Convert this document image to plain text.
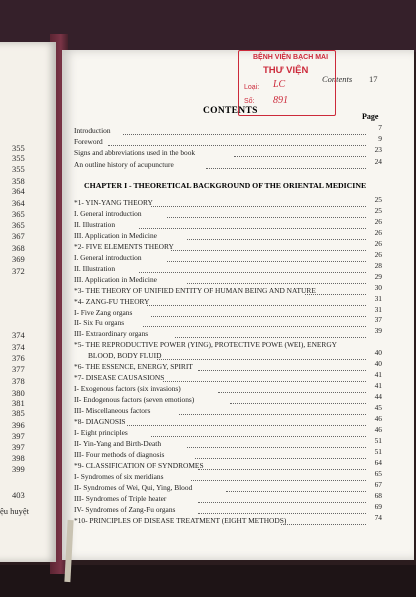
355
355
355
358
364
364
365
365
367
368
369
372
374
374
376
377
378
380
381
385
396
397
397
398
399
403
ệu huyệt
Contents 17
BỆNH VIỆN BẠCH MAI
THƯ VIỆN
Loại: LC
Số: 891
CONTENTS
Page
Introduction	7
Foreword	9
Signs and abbreviations used in the book	23
An outline history of acupuncture	24
CHAPTER I - THEORETICAL BACKGROUND OF THE ORIENTAL MEDICINE
*1- YIN-YANG THEORY	25
I. General introduction	25
II. Illustration	26
III. Application in Medicine	26
*2- FIVE ELEMENTS THEORY	26
I. General introduction	26
II. Illustration	28
III. Application in Medicine	29
*3- THE THEORY OF UNIFIED ENTITY OF HUMAN BEING AND NATURE	30
*4- ZANG-FU THEORY	31
I- Five Zang organs	31
II- Six Fu organs	37
III- Extraordinary organs	39
*5- THE REPRODUCTIVE POWER (YING), PROTECTIVE POWE (WEI), ENERGY
BLOOD, BODY FLUID	40
*6- THE ESSENCE, ENERGY, SPIRIT	40
*7- DISEASE CAUSASIONS	41
I- Exogenous factors (six invasions)	41
II- Endogenous factors (seven emotions)	44
III- Miscellaneous factors	45
*8- DIAGNOSIS	46
I- Eight principles	46
II- Yin-Yang and Birth-Death	51
III- Four methods of diagnosis	51
*9- CLASSIFICATION OF SYNDROMES	64
I- Syndromes of six meridians	65
II- Syndromes of Wei, Qui, Ying, Blood	67
III- Syndromes of Triple heater	68
IV- Syndromes of Zang-Fu organs	69
*10- PRINCIPLES OF DISEASE TREATMENT (EIGHT METHODS)	74
